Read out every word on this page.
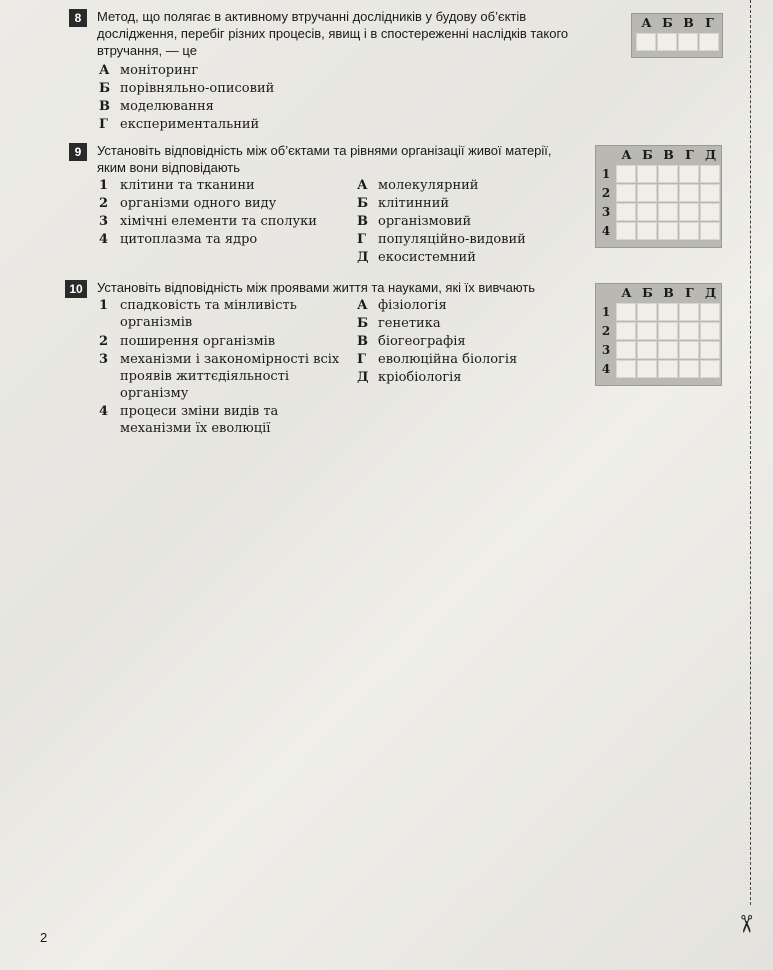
8	Метод, що полягає в активному втручанні дослідників у будову об’єктів дослідження, перебіг різних процесів, явищ і в спостереженні наслідків такого втручання, — це
А моніторинг
Б порівняльно-описовий
В моделювання
Г експериментальний
А Б В Г
9	Установіть відповідність між об’єктами та рівнями організації живої матерії, яким вони відповідають
1 клітини та тканини
2 організми одного виду
3 хімічні елементи та сполуки
4 цитоплазма та ядро
А молекулярний
Б клітинний
В організмовий
Г популяційно-видовий
Д екосистемний
А Б В Г Д
1
2
3
4
10	Установіть відповідність між проявами життя та науками, які їх вивчають
1 спадковість та мінливість організмів
2 поширення організмів
3 механізми і закономірності всіх проявів життєдіяльності організму
4 процеси зміни видів та механізми їх еволюції
А фізіологія
Б генетика
В біогеографія
Г еволюційна біологія
Д кріобіологія
А Б В Г Д
1
2
3
4
✂
2
